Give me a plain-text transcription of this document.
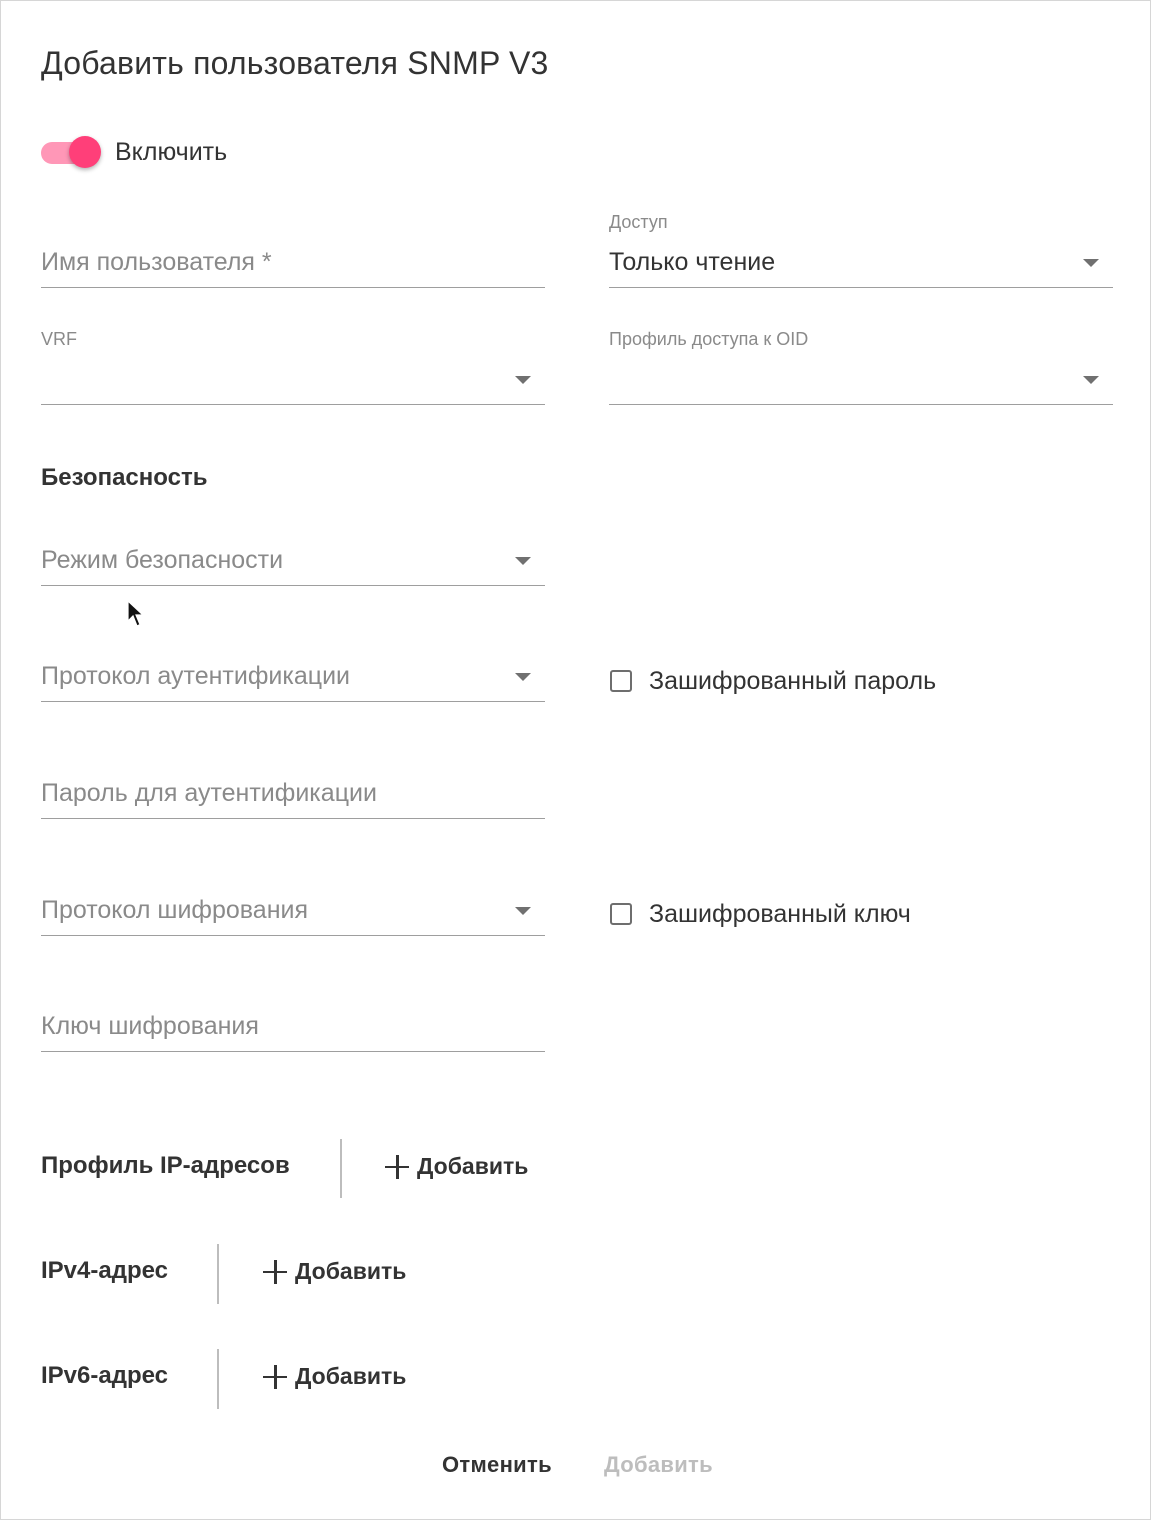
Добавить пользователя SNMP V3
Включить
Имя пользователя *
Доступ
Только чтение
VRF	Профиль доступа к OID
Безопасность
Режим безопасности
Протокол аутентификации	Зашифрованный пароль
Пароль для аутентификации
Протокол шифрования	Зашифрованный ключ
Ключ шифрования
Профиль IP-адресов	Добавить
IPv4-адрес	Добавить
IPv6-адрес	Добавить
Отменить Добавить
